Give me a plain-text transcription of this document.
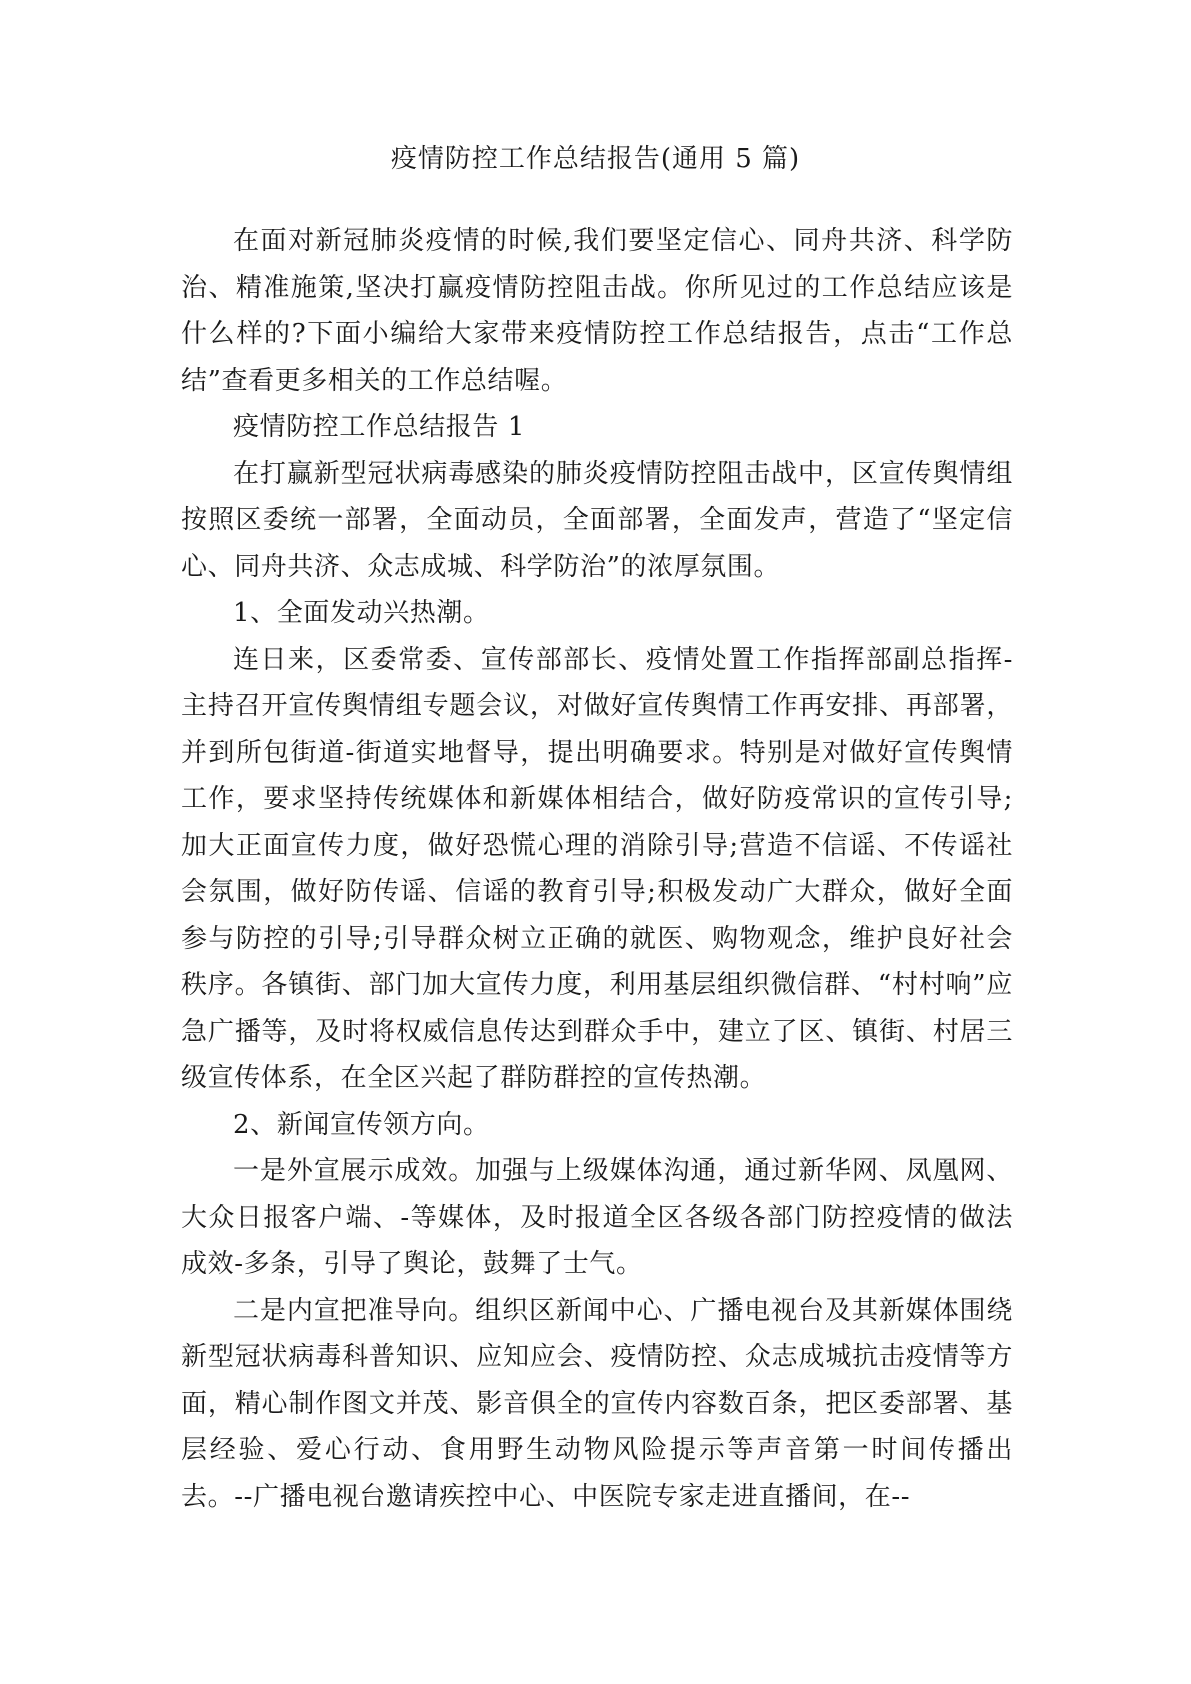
疫情防控工作总结报告(通用 5 篇)

在面对新冠肺炎疫情的时候,我们要坚定信心、同舟共济、科学防治、精准施策,坚决打赢疫情防控阻击战。你所见过的工作总结应该是什么样的?下面小编给大家带来疫情防控工作总结报告，点击“工作总结”查看更多相关的工作总结喔。

疫情防控工作总结报告 1

在打赢新型冠状病毒感染的肺炎疫情防控阻击战中，区宣传舆情组按照区委统一部署，全面动员，全面部署，全面发声，营造了“坚定信心、同舟共济、众志成城、科学防治”的浓厚氛围。

1、全面发动兴热潮。

连日来，区委常委、宣传部部长、疫情处置工作指挥部副总指挥-主持召开宣传舆情组专题会议，对做好宣传舆情工作再安排、再部署，并到所包街道-街道实地督导，提出明确要求。特别是对做好宣传舆情工作，要求坚持传统媒体和新媒体相结合，做好防疫常识的宣传引导;加大正面宣传力度，做好恐慌心理的消除引导;营造不信谣、不传谣社会氛围，做好防传谣、信谣的教育引导;积极发动广大群众，做好全面参与防控的引导;引导群众树立正确的就医、购物观念，维护良好社会秩序。各镇街、部门加大宣传力度，利用基层组织微信群、“村村响”应急广播等，及时将权威信息传达到群众手中，建立了区、镇街、村居三级宣传体系，在全区兴起了群防群控的宣传热潮。

2、新闻宣传领方向。

一是外宣展示成效。加强与上级媒体沟通，通过新华网、凤凰网、大众日报客户端、-等媒体，及时报道全区各级各部门防控疫情的做法成效-多条，引导了舆论，鼓舞了士气。

二是内宣把准导向。组织区新闻中心、广播电视台及其新媒体围绕新型冠状病毒科普知识、应知应会、疫情防控、众志成城抗击疫情等方面，精心制作图文并茂、影音俱全的宣传内容数百条，把区委部署、基层经验、爱心行动、食用野生动物风险提示等声音第一时间传播出去。--广播电视台邀请疾控中心、中医院专家走进直播间，在--
